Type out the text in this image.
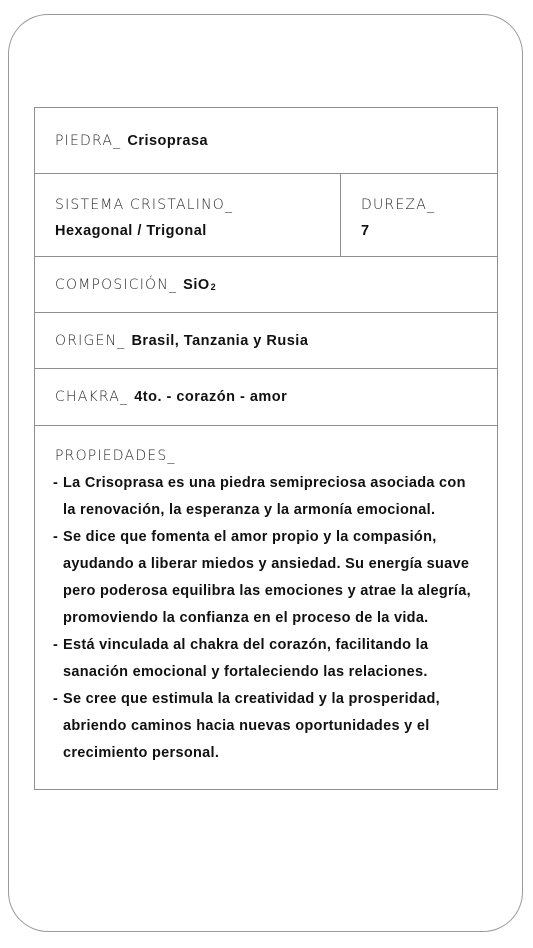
PIEDRA_ Crisoprasa
SISTEMA CRISTALINO_
Hexagonal / Trigonal
DUREZA_
7
COMPOSICIÓN_ SiO2
ORIGEN_ Brasil, Tanzania y Rusia
CHAKRA_ 4to. - corazón - amor
PROPIEDADES_
- La Crisoprasa es una piedra semipreciosa asociada con la renovación, la esperanza y la armonía emocional.
- Se dice que fomenta el amor propio y la compasión, ayudando a liberar miedos y ansiedad. Su energía suave pero poderosa equilibra las emociones y atrae la alegría, promoviendo la confianza en el proceso de la vida.
- Está vinculada al chakra del corazón, facilitando la sanación emocional y fortaleciendo las relaciones.
- Se cree que estimula la creatividad y la prosperidad, abriendo caminos hacia nuevas oportunidades y el crecimiento personal.
